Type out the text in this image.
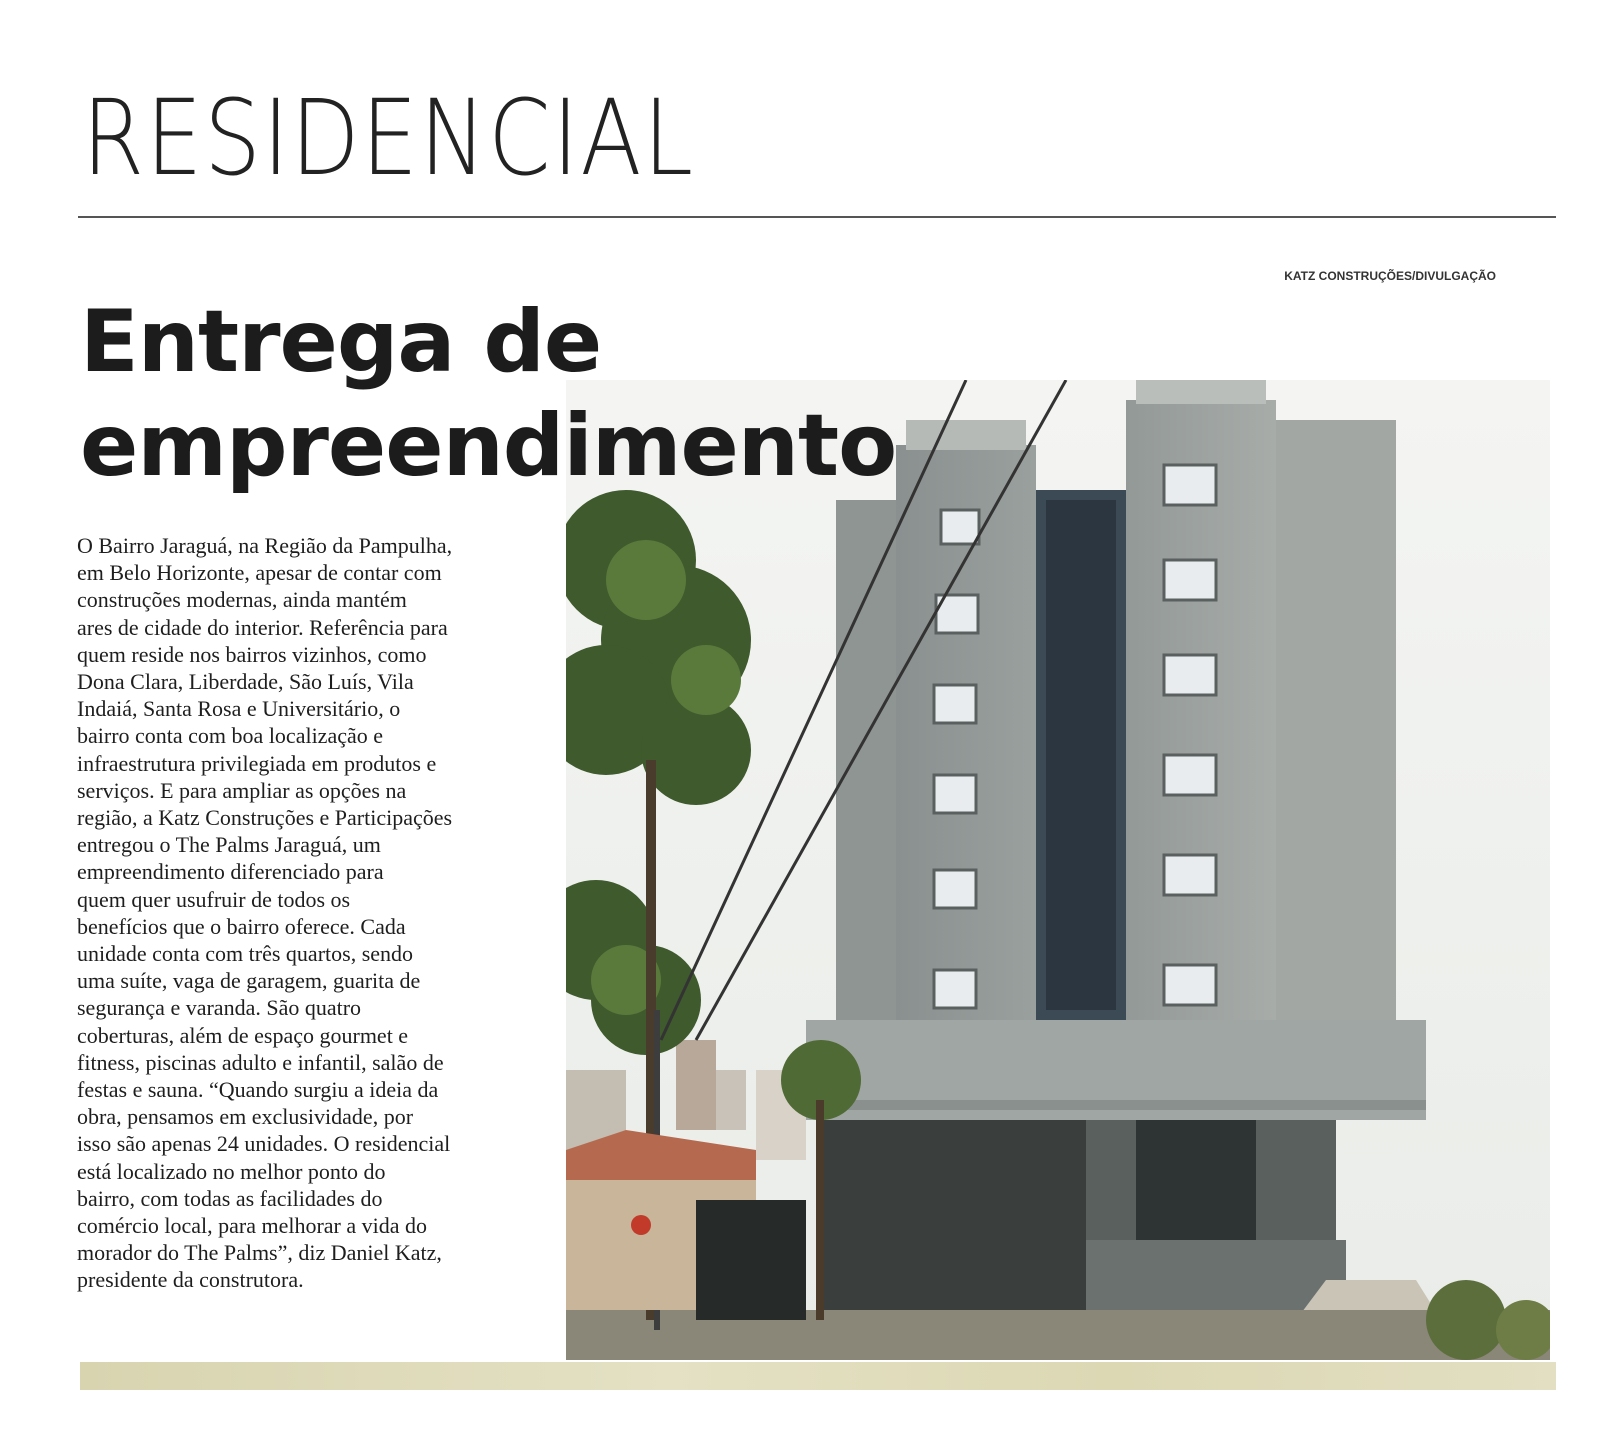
RESIDENCIAL
KATZ CONSTRUÇÕES/DIVULGAÇÃO
Entrega de
empreendimento
O Bairro Jaraguá, na Região da Pampulha,
em Belo Horizonte, apesar de contar com
construções modernas, ainda mantém
ares de cidade do interior. Referência para
quem reside nos bairros vizinhos, como
Dona Clara, Liberdade, São Luís, Vila
Indaiá, Santa Rosa e Universitário, o
bairro conta com boa localização e
infraestrutura privilegiada em produtos e
serviços. E para ampliar as opções na
região, a Katz Construções e Participações
entregou o The Palms Jaraguá, um
empreendimento diferenciado para
quem quer usufruir de todos os
benefícios que o bairro oferece. Cada
unidade conta com três quartos, sendo
uma suíte, vaga de garagem, guarita de
segurança e varanda. São quatro
coberturas, além de espaço gourmet e
fitness, piscinas adulto e infantil, salão de
festas e sauna. “Quando surgiu a ideia da
obra, pensamos em exclusividade, por
isso são apenas 24 unidades. O residencial
está localizado no melhor ponto do
bairro, com todas as facilidades do
comércio local, para melhorar a vida do
morador do The Palms”, diz Daniel Katz,
presidente da construtora.
